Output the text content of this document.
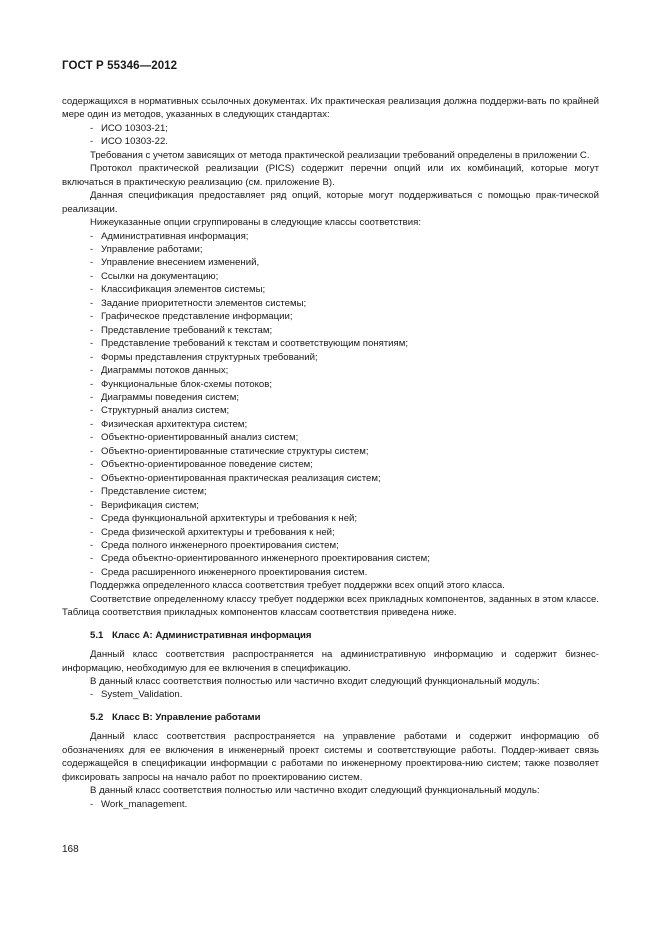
ГОСТ Р 55346—2012

содержащихся в нормативных ссылочных документах. Их практическая реализация должна поддержи-вать по крайней мере один из методов, указанных в следующих стандартах:

- ИСО 10303-21;
- ИСО 10303-22.

Требования с учетом зависящих от метода практической реализации требований определены в приложении С.

Протокол практической реализации (PICS) содержит перечни опций или их комбинаций, которые могут включаться в практическую реализацию (см. приложение В).

Данная спецификация предоставляет ряд опций, которые могут поддерживаться с помощью прак-тической реализации.

Нижеуказанные опции сгруппированы в следующие классы соответствия:

- Административная информация;
- Управление работами;
- Управление внесением изменений,
- Ссылки на документацию;
- Классификация элементов системы;
- Задание приоритетности элементов системы;
- Графическое представление информации;
- Представление требований к текстам;
- Представление требований к текстам и соответствующим понятиям;
- Формы представления структурных требований;
- Диаграммы потоков данных;
- Функциональные блок-схемы потоков;
- Диаграммы поведения систем;
- Структурный анализ систем;
- Физическая архитектура систем;
- Объектно-ориентированный анализ систем;
- Объектно-ориентированные статические структуры систем;
- Объектно-ориентированное поведение систем;
- Объектно-ориентированная практическая реализация систем;
- Представление систем;
- Верификация систем;
- Среда функциональной архитектуры и требования к ней;
- Среда физической архитектуры и требования к ней;
- Среда полного инженерного проектирования систем;
- Среда объектно-ориентированного инженерного проектирования систем;
- Среда расширенного инженерного проектирования систем.

Поддержка определенного класса соответствия требует поддержки всех опций этого класса.

Соответствие определенному классу требует поддержки всех прикладных компонентов, заданных в этом классе. Таблица соответствия прикладных компонентов классам соответствия приведена ниже.

5.1 Класс А: Административная информация

Данный класс соответствия распространяется на административную информацию и содержит бизнес-информацию, необходимую для ее включения в спецификацию.

В данный класс соответствия полностью или частично входит следующий функциональный модуль:

- System_Validation.
5.2 Класс В: Управление работами

Данный класс соответствия распространяется на управление работами и содержит информацию об обозначениях для ее включения в инженерный проект системы и соответствующие работы. Поддер-живает связь содержащейся в спецификации информации с работами по инженерному проектирова-нию систем; также позволяет фиксировать запросы на начало работ по проектированию систем.

В данный класс соответствия полностью или частично входит следующий функциональный модуль:

- Work_management.
168
